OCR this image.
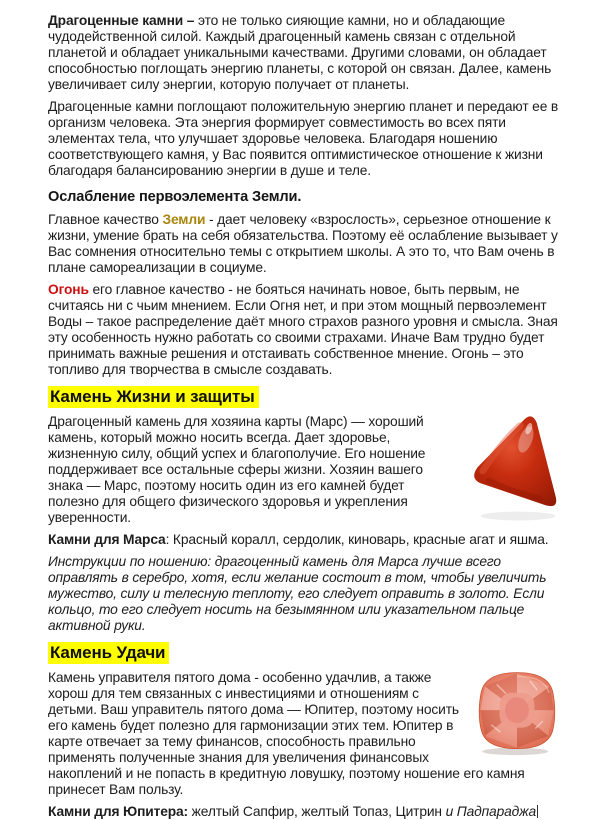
Драгоценные камни – это не только сияющие камни, но и обладающие чудодейственной силой. Каждый драгоценный камень связан с отдельной планетой и обладает уникальными качествами. Другими словами, он обладает способностью поглощать энергию планеты, с которой он связан. Далее, камень увеличивает силу энергии, которую получает от планеты.

Драгоценные камни поглощают положительную энергию планет и передают ее в организм человека. Эта энергия формирует совместимость во всех пяти элементах тела, что улучшает здоровье человека. Благодаря ношению соответствующего камня, у Вас появится оптимистическое отношение к жизни благодаря балансированию энергии в душе и теле.

Ослабление первоэлемента Земли.

Главное качество Земли - дает человеку «взрослость», серьезное отношение к жизни, умение брать на себя обязательства. Поэтому её ослабление вызывает у Вас сомнения относительно темы с открытием школы. А это то, что Вам очень в плане самореализации в социуме.

Огонь его главное качество - не бояться начинать новое, быть первым, не считаясь ни с чьим мнением. Если Огня нет, и при этом мощный первоэлемент Воды – такое распределение даёт много страхов разного уровня и смысла. Зная эту особенность нужно работать со своими страхами. Иначе Вам трудно будет принимать важные решения и отстаивать собственное мнение. Огонь – это топливо для творчества в смысле создавать.

Камень Жизни и защиты

Драгоценный камень для хозяина карты (Марс) — хороший камень, который можно носить всегда. Дает здоровье, жизненную силу, общий успех и благополучие. Его ношение поддерживает все остальные сферы жизни. Хозяин вашего знака — Марс, поэтому носить один из его камней будет полезно для общего физического здоровья и укрепления уверенности.

Камни для Марса: Красный коралл, сердолик, киноварь, красные агат и яшма.

Инструкции по ношению: драгоценный камень для Марса лучше всего оправлять в серебро, хотя, если желание состоит в том, чтобы увеличить мужество, силу и телесную теплоту, его следует оправить в золото. Если кольцо, то его следует носить на безымянном или указательном пальце активной руки.

Камень Удачи

Камень управителя пятого дома - особенно удачлив, а также хорош для тем связанных с инвестициями и отношениям с детьми. Ваш управитель пятого дома — Юпитер, поэтому носить его камень будет полезно для гармонизации этих тем. Юпитер в карте отвечает за тему финансов, способность правильно применять полученные знания для увеличения финансовых накоплений и не попасть в кредитную ловушку, поэтому ношение его камня принесет Вам пользу.

Камни для Юпитера: желтый Сапфир, желтый Топаз, Цитрин и Падпараджа
